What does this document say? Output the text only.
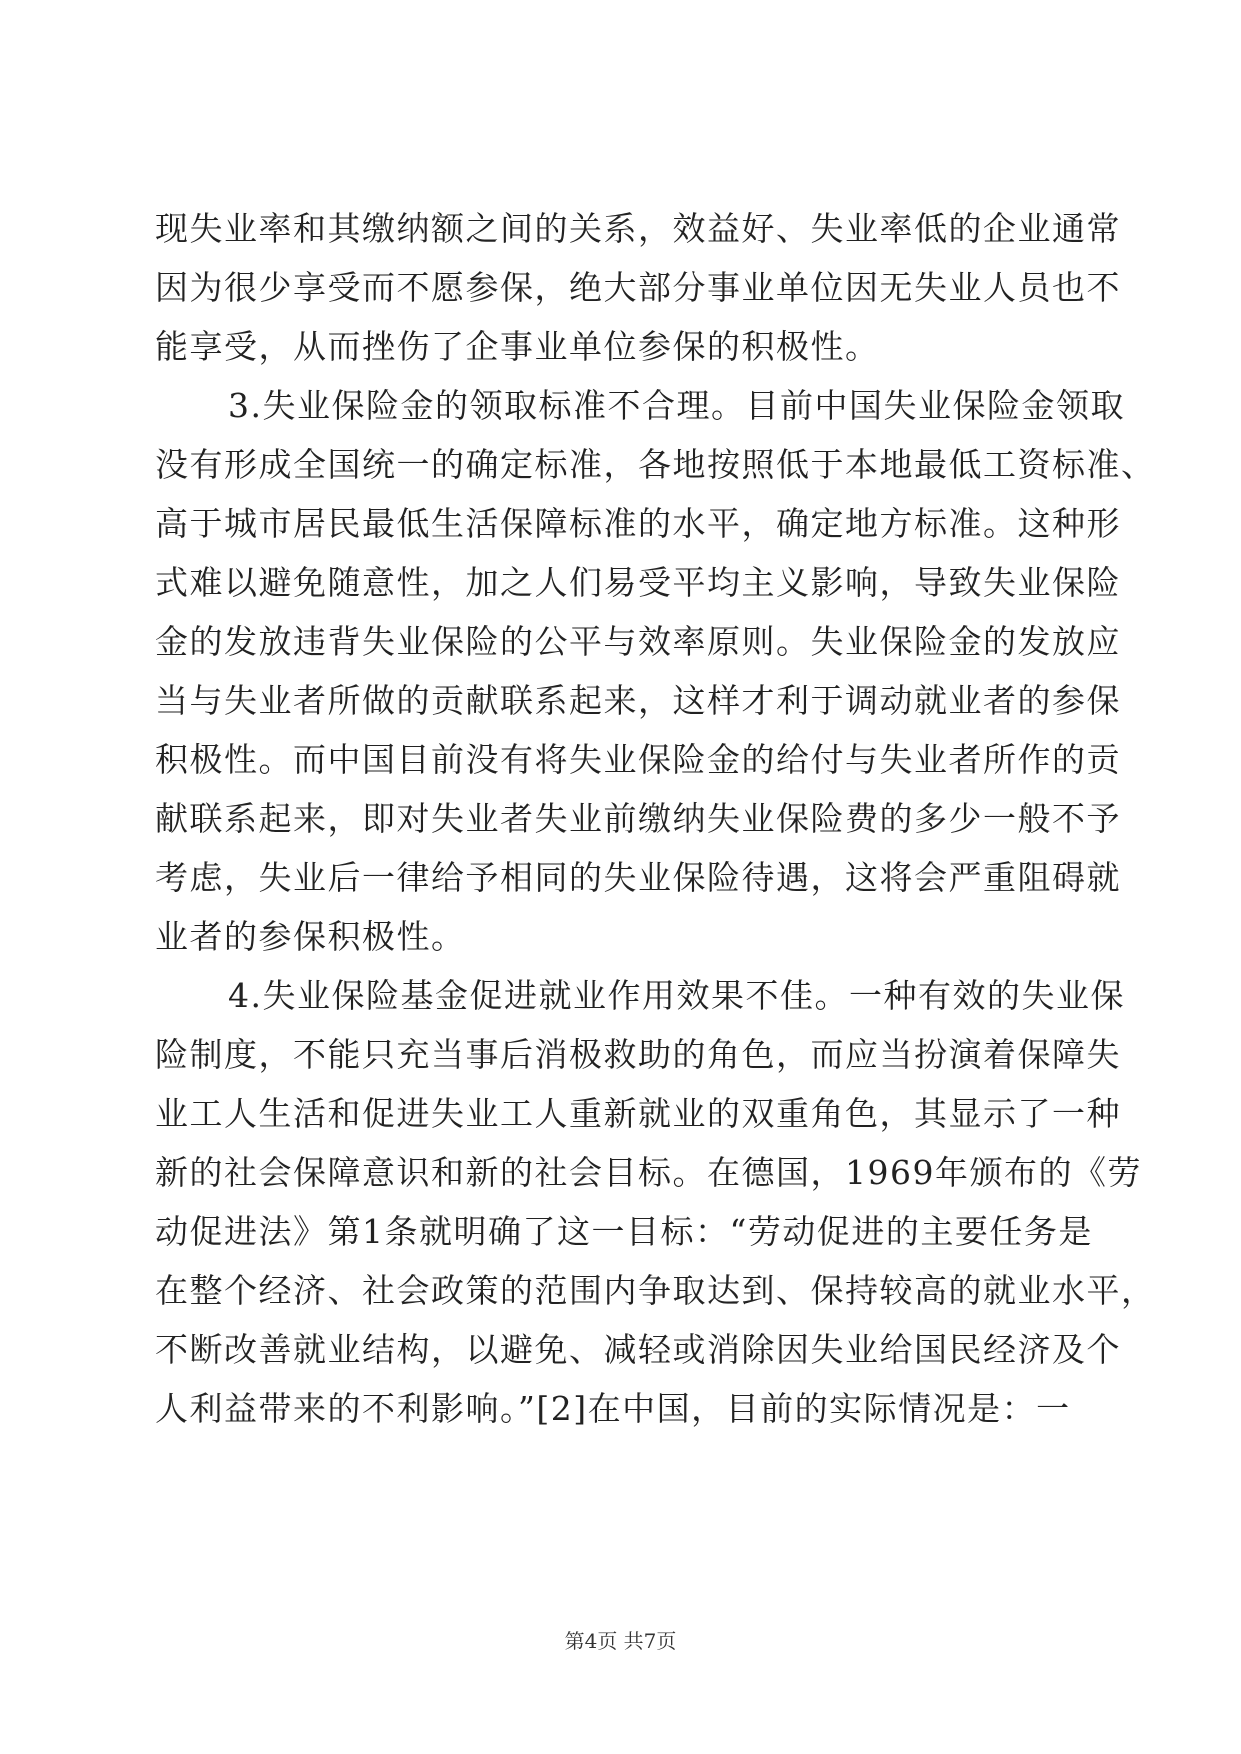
现失业率和其缴纳额之间的关系，效益好、失业率低的企业通常
因为很少享受而不愿参保，绝大部分事业单位因无失业人员也不
能享受，从而挫伤了企事业单位参保的积极性。
3.失业保险金的领取标准不合理。目前中国失业保险金领取
没有形成全国统一的确定标准，各地按照低于本地最低工资标准、
高于城市居民最低生活保障标准的水平，确定地方标准。这种形
式难以避免随意性，加之人们易受平均主义影响，导致失业保险
金的发放违背失业保险的公平与效率原则。失业保险金的发放应
当与失业者所做的贡献联系起来，这样才利于调动就业者的参保
积极性。而中国目前没有将失业保险金的给付与失业者所作的贡
献联系起来，即对失业者失业前缴纳失业保险费的多少一般不予
考虑，失业后一律给予相同的失业保险待遇，这将会严重阻碍就
业者的参保积极性。
4.失业保险基金促进就业作用效果不佳。一种有效的失业保
险制度，不能只充当事后消极救助的角色，而应当扮演着保障失
业工人生活和促进失业工人重新就业的双重角色，其显示了一种
新的社会保障意识和新的社会目标。在德国，1969年颁布的《劳
动促进法》第1条就明确了这一目标：“劳动促进的主要任务是
在整个经济、社会政策的范围内争取达到、保持较高的就业水平，
不断改善就业结构，以避免、减轻或消除因失业给国民经济及个
人利益带来的不利影响。”[2]在中国，目前的实际情况是：一
第4页 共7页
